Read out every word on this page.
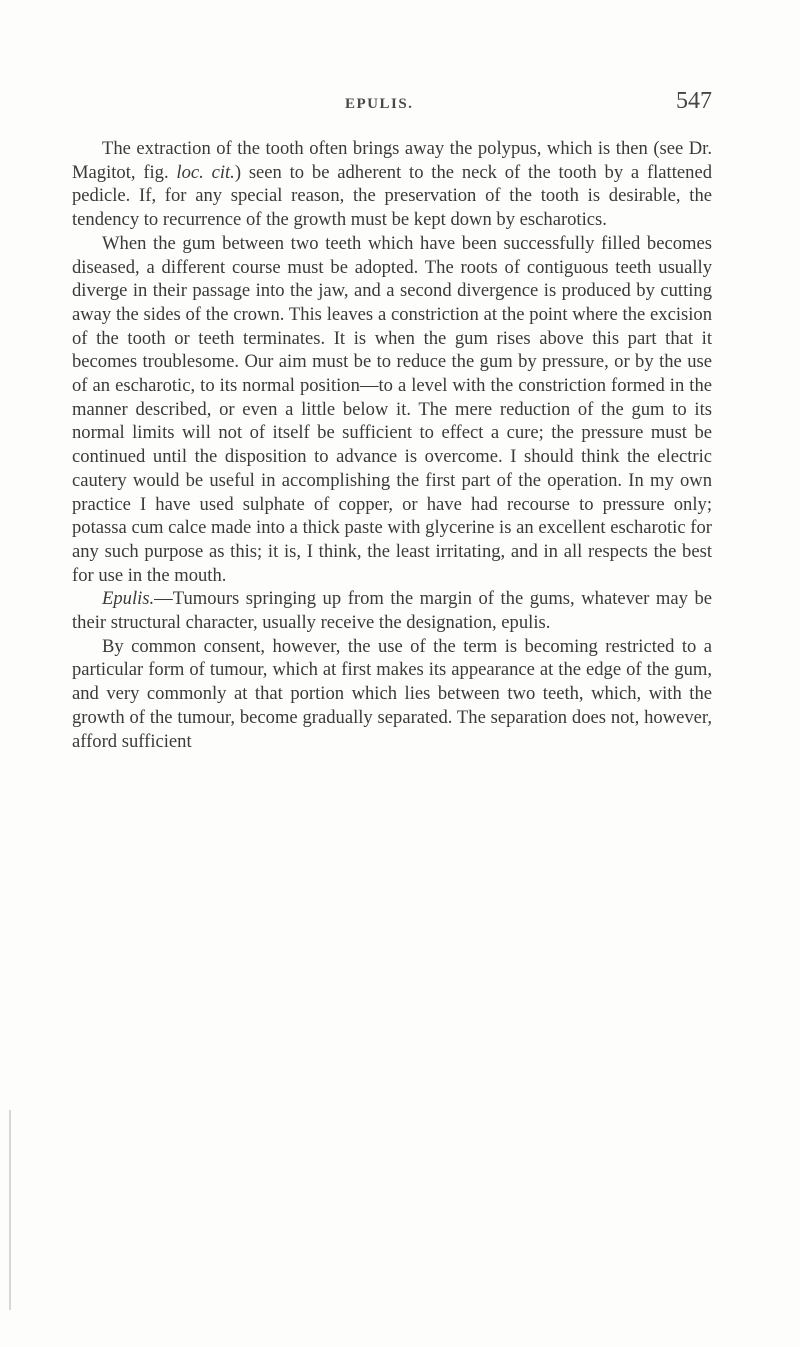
EPULIS.	547

The extraction of the tooth often brings away the polypus, which is then (see Dr. Magitot, fig. loc. cit.) seen to be adherent to the neck of the tooth by a flattened pedicle. If, for any special reason, the preservation of the tooth is desirable, the tendency to recurrence of the growth must be kept down by escharotics.

When the gum between two teeth which have been successfully filled becomes diseased, a different course must be adopted. The roots of contiguous teeth usually diverge in their passage into the jaw, and a second divergence is produced by cutting away the sides of the crown. This leaves a constriction at the point where the excision of the tooth or teeth terminates. It is when the gum rises above this part that it becomes troublesome. Our aim must be to reduce the gum by pressure, or by the use of an escharotic, to its normal position—to a level with the constriction formed in the manner described, or even a little below it. The mere reduction of the gum to its normal limits will not of itself be sufficient to effect a cure; the pressure must be continued until the disposition to advance is overcome. I should think the electric cautery would be useful in accomplishing the first part of the operation. In my own practice I have used sulphate of copper, or have had recourse to pressure only; potassa cum calce made into a thick paste with glycerine is an excellent escharotic for any such purpose as this; it is, I think, the least irritating, and in all respects the best for use in the mouth.

Epulis.—Tumours springing up from the margin of the gums, whatever may be their structural character, usually receive the designation, epulis.

By common consent, however, the use of the term is becoming restricted to a particular form of tumour, which at first makes its appearance at the edge of the gum, and very commonly at that portion which lies between two teeth, which, with the growth of the tumour, become gradually separated. The separation does not, however, afford sufficient
